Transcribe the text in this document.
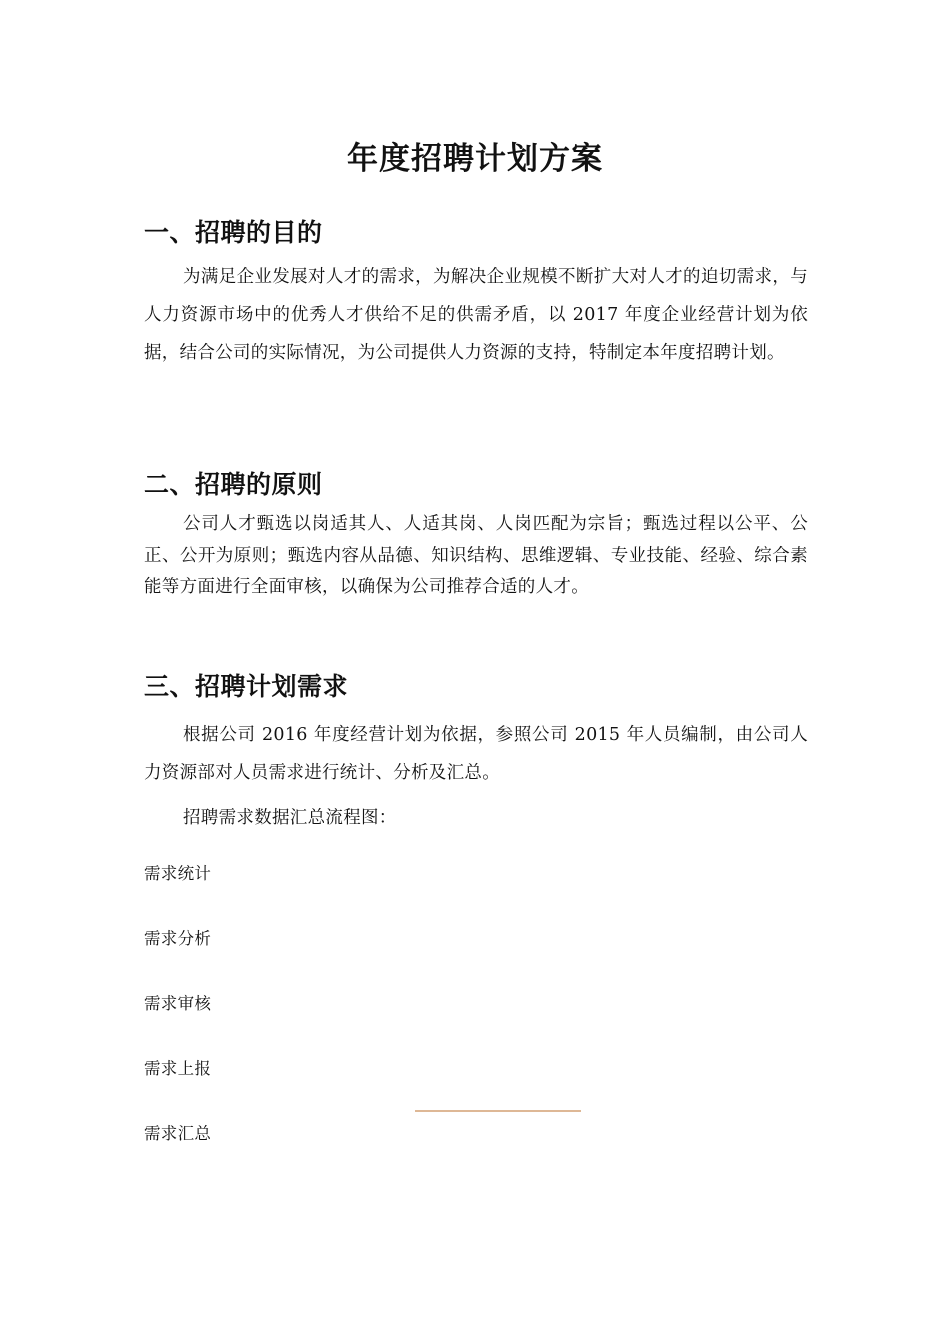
年度招聘计划方案
一、招聘的目的

为满足企业发展对人才的需求，为解决企业规模不断扩大对人才的迫切需求，与人力资源市场中的优秀人才供给不足的供需矛盾，以 2017 年度企业经营计划为依据，结合公司的实际情况，为公司提供人力资源的支持，特制定本年度招聘计划。

二、招聘的原则

公司人才甄选以岗适其人、人适其岗、人岗匹配为宗旨；甄选过程以公平、公正、公开为原则；甄选内容从品德、知识结构、思维逻辑、专业技能、经验、综合素能等方面进行全面审核，以确保为公司推荐合适的人才。

三、招聘计划需求

根据公司 2016 年度经营计划为依据，参照公司 2015 年人员编制，由公司人力资源部对人员需求进行统计、分析及汇总。

招聘需求数据汇总流程图：

需求统计

需求分析

需求审核

需求上报

需求汇总
